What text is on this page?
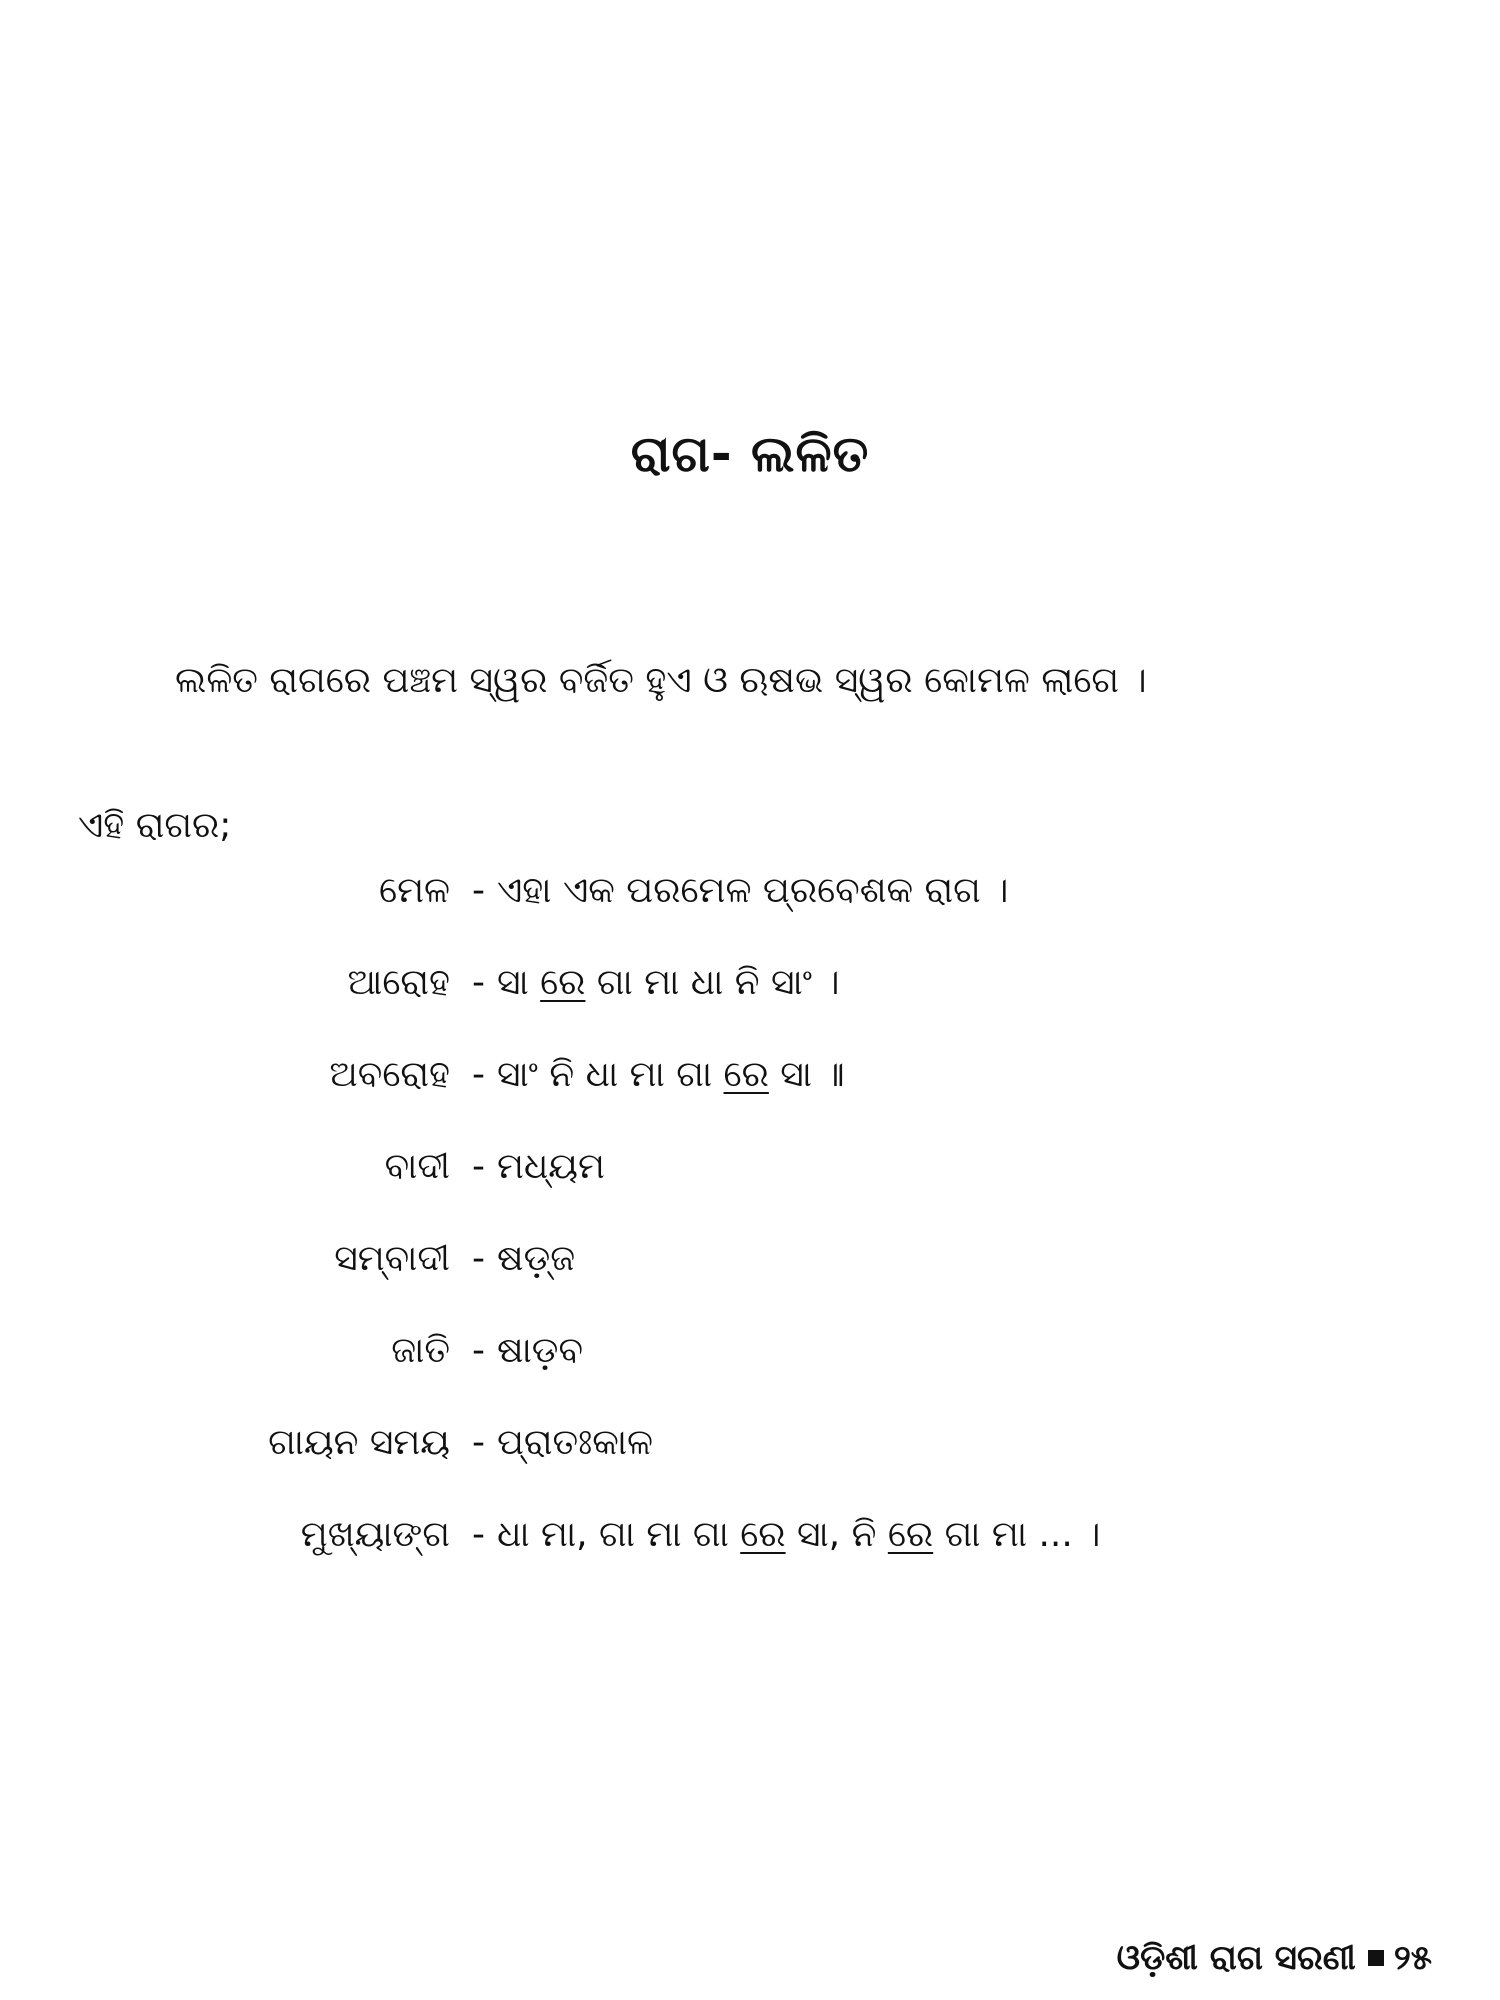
ରାଗ- ଲଳିତ
ଲଳିତ ରାଗରେ ପଞ୍ଚମ ସ୍ୱର ବର୍ଜିତ ହୁଏ ଓ ଋଷଭ ସ୍ୱର କୋମଳ ଲାଗେ ।
ଏହି ରାଗର;
ମେଳ - ଏହା ଏକ ପରମେଳ ପ୍ରବେଶକ ରାଗ ।
ଆରୋହ - ସା ରେ ଗା ମା ଧା ନି ସାଂ ।
ଅବରୋହ - ସାଂ ନି ଧା ମା ଗା ରେ ସା ॥
ବାଦୀ - ମଧ୍ୟମ
ସମ୍ବାଦୀ - ଷଡ଼୍ଜ
ଜାତି - ଷାଡ଼ବ
ଗାୟନ ସମୟ - ପ୍ରାତଃକାଳ
ମୁଖ୍ୟାଙ୍ଗ - ଧା ମା, ଗା ମା ଗା ରେ ସା, ନି ରେ ଗା ମା ... ।
ଓଡ଼ିଶୀ ରାଗ ସରଣୀ ୨୫
